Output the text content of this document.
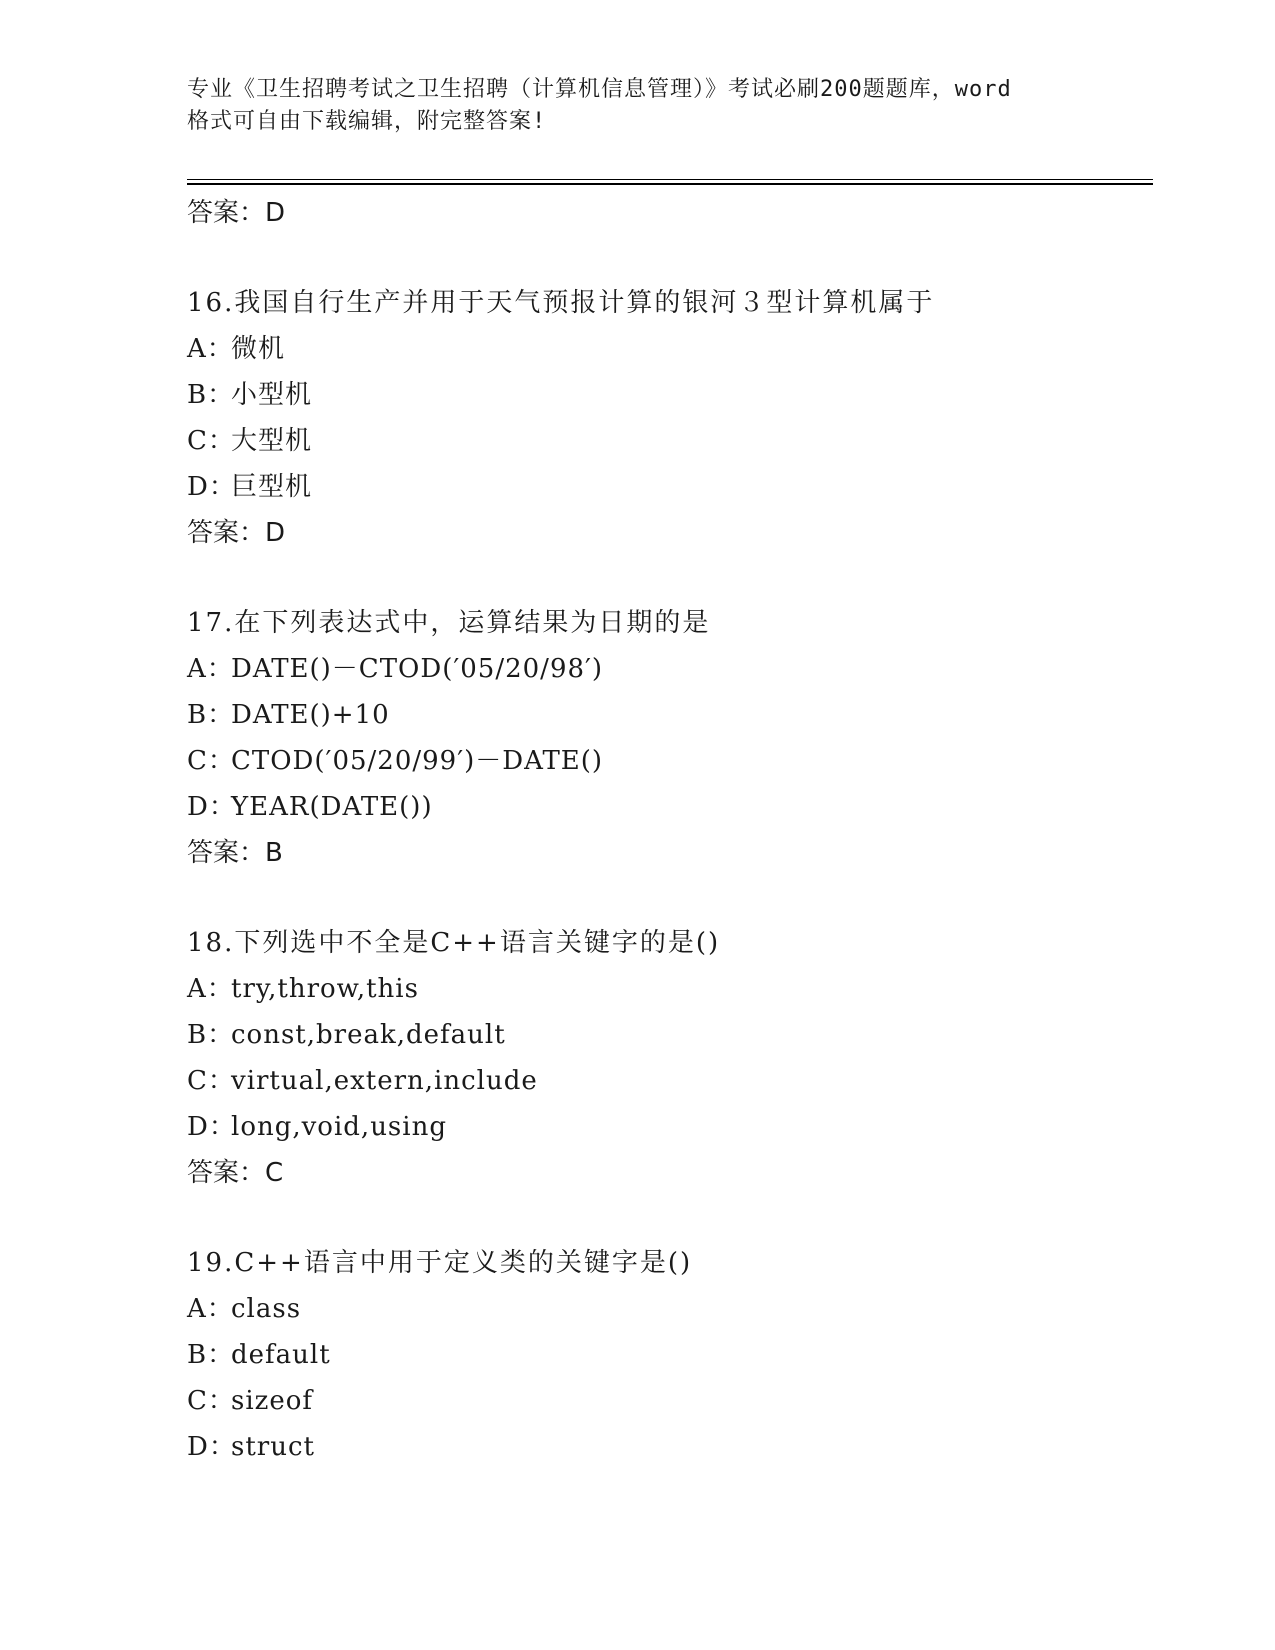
专业《卫生招聘考试之卫生招聘（计算机信息管理）》考试必刷200题题库，word
格式可自由下载编辑，附完整答案!
答案：D
16.我国自行生产并用于天气预报计算的银河３型计算机属于
A：微机
B：小型机
C：大型机
D：巨型机
答案：D
17.在下列表达式中，运算结果为日期的是
A：DATE()－CTOD(′05/20/98′)
B：DATE()+10
C：CTOD(′05/20/99′)－DATE()
D：YEAR(DATE())
答案：B
18.下列选中不全是C++语言关键字的是()
A：try,throw,this
B：const,break,default
C：virtual,extern,include
D：long,void,using
答案：C
19.C++语言中用于定义类的关键字是()
A：class
B：default
C：sizeof
D：struct
